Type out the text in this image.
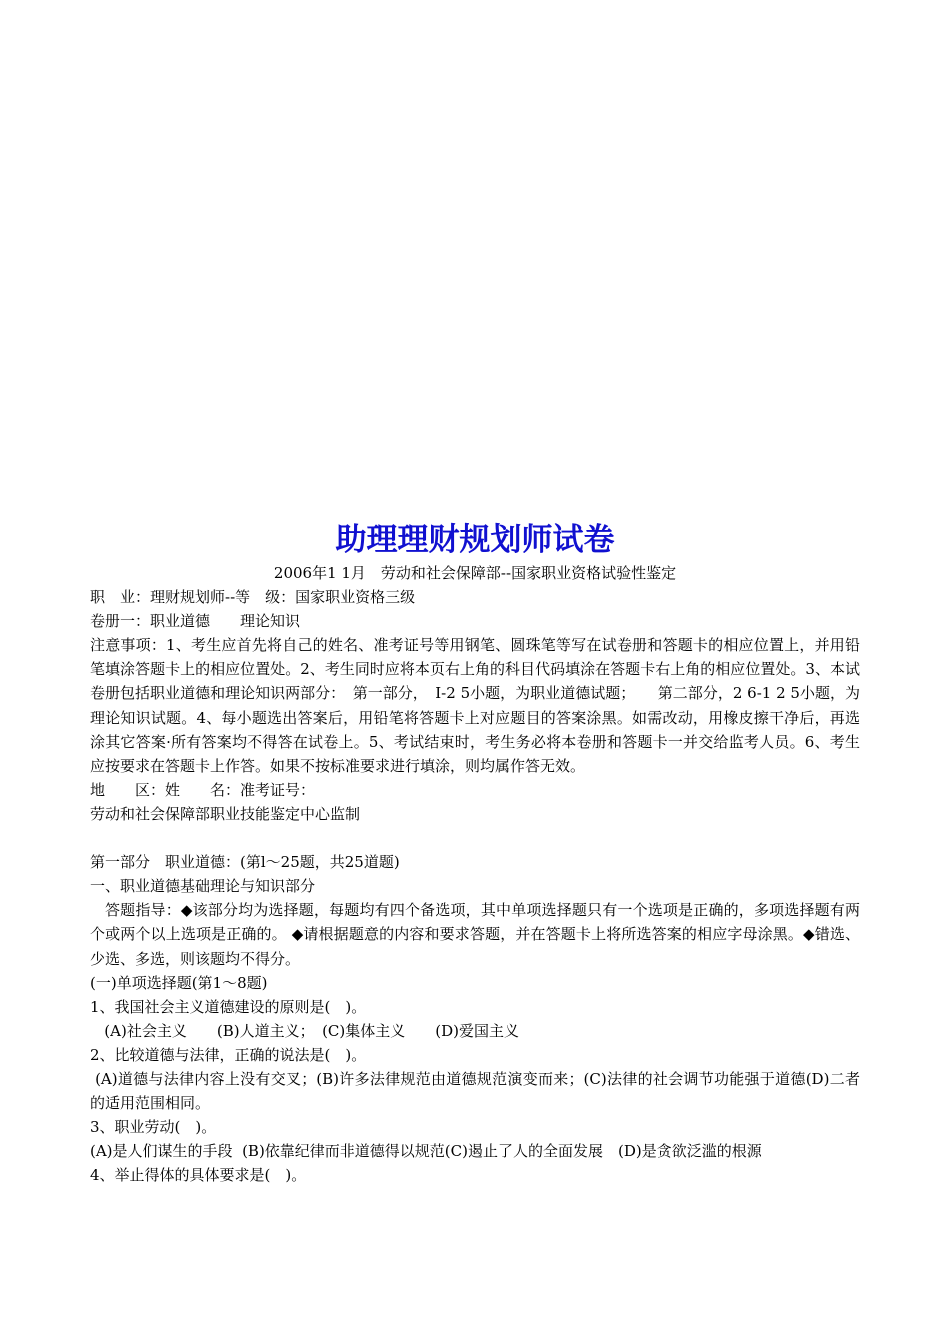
助理理财规划师试卷

2006年1 1月　劳动和社会保障部--国家职业资格试验性鉴定

职　业：理财规划师--等　级：国家职业资格三级

卷册一：职业道德　　理论知识

注意事项：1、考生应首先将自己的姓名、准考证号等用钢笔、圆珠笔等写在试卷册和答题卡的相应位置上，并用铅笔填涂答题卡上的相应位置处。2、考生同时应将本页右上角的科目代码填涂在答题卡右上角的相应位置处。3、本试卷册包括职业道德和理论知识两部分：　第一部分，　I-2 5小题，为职业道德试题；　　第二部分，2 6-1 2 5小题，为理论知识试题。4、每小题选出答案后，用铅笔将答题卡上对应题目的答案涂黑。如需改动，用橡皮擦干净后，再选涂其它答案·所有答案均不得答在试卷上。5、考试结束时，考生务必将本卷册和答题卡一并交给监考人员。6、考生应按要求在答题卡上作答。如果不按标准要求进行填涂，则均属作答无效。

地　　区：姓　　名：准考证号：

劳动和社会保障部职业技能鉴定中心监制

第一部分　职业道德：(第l～25题，共25道题)

一、职业道德基础理论与知识部分

答题指导：◆该部分均为选择题，每题均有四个备选项，其中单项选择题只有一个选项是正确的，多项选择题有两个或两个以上选项是正确的。 ◆请根据题意的内容和要求答题，并在答题卡上将所选答案的相应字母涂黑。◆错选、少选、多选，则该题均不得分。

(一)单项选择题(第1～8题)

1、我国社会主义道德建设的原则是(　)。

(A)社会主义　　(B)人道主义；　(C)集体主义　　(D)爱国主义

2、比较道德与法律，正确的说法是(　)。

(A)道德与法律内容上没有交叉；(B)许多法律规范由道德规范演变而来；(C)法律的社会调节功能强于道德(D)二者的适用范围相同。

3、职业劳动(　)。

(A)是人们谋生的手段  (B)依靠纪律而非道德得以规范(C)遏止了人的全面发展　(D)是贪欲泛滥的根源

4、举止得体的具体要求是(　)。
